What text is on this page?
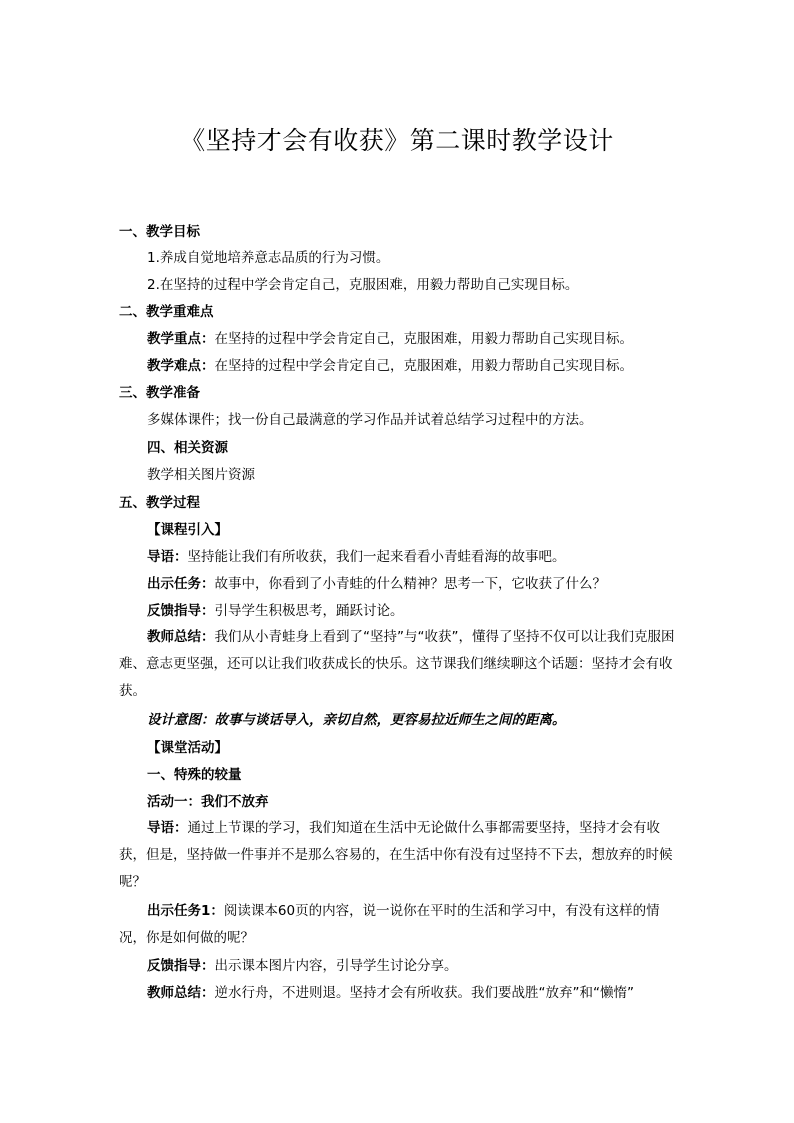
《坚持才会有收获》第二课时教学设计
一、教学目标
1.养成自觉地培养意志品质的行为习惯。
2.在坚持的过程中学会肯定自己，克服困难，用毅力帮助自己实现目标。
二、教学重难点
教学重点：在坚持的过程中学会肯定自己，克服困难，用毅力帮助自己实现目标。
教学难点：在坚持的过程中学会肯定自己，克服困难，用毅力帮助自己实现目标。
三、教学准备
多媒体课件；找一份自己最满意的学习作品并试着总结学习过程中的方法。
四、相关资源
教学相关图片资源
五、教学过程
【课程引入】
导语：坚持能让我们有所收获，我们一起来看看小青蛙看海的故事吧。
出示任务：故事中，你看到了小青蛙的什么精神？思考一下，它收获了什么？
反馈指导：引导学生积极思考，踊跃讨论。
教师总结：我们从小青蛙身上看到了“坚持”与“收获”，懂得了坚持不仅可以让我们克服困难、意志更坚强，还可以让我们收获成长的快乐。这节课我们继续聊这个话题：坚持才会有收获。
设计意图：故事与谈话导入，亲切自然，更容易拉近师生之间的距离。
【课堂活动】
一、特殊的较量
活动一：我们不放弃
导语：通过上节课的学习，我们知道在生活中无论做什么事都需要坚持，坚持才会有收获，但是，坚持做一件事并不是那么容易的，在生活中你有没有过坚持不下去，想放弃的时候呢？
出示任务1：阅读课本60页的内容，说一说你在平时的生活和学习中，有没有这样的情况，你是如何做的呢？
反馈指导：出示课本图片内容，引导学生讨论分享。
教师总结：逆水行舟，不进则退。坚持才会有所收获。我们要战胜“放弃”和“懒惰”
